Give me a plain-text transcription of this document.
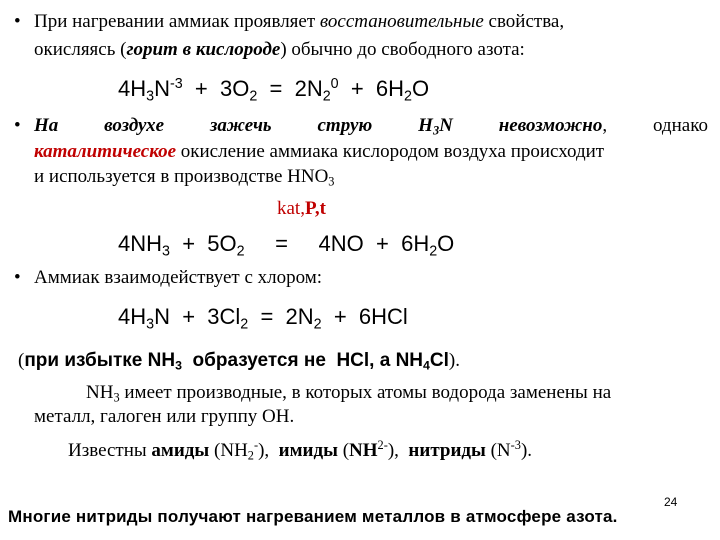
• При нагревании аммиак проявляет восстановительные свойства,
окисляясь (горит в кислороде) обычно до свободного азота:
$4H_3N^{-3} + 3O_2 = 2N_2^0 + 6H_2O$
• На воздухе зажечь струю $H_3N$ невозможно, однако
каталитическое окисление аммиака кислородом воздуха происходит
и используется в производстве $HNO_3$
kat,P,t
$4NH_3 + 5O_2$     =     $4NO + 6H_2O$
• Аммиак взаимодействует с хлором:
$4H_3N + 3Cl_2 = 2N_2 + 6HCl$
(при избытке $NH_3$  образуется не  HCl, а $NH_4Cl$).
$NH_3$ имеет производные, в которых атомы водорода заменены на
металл, галоген или группу OH.
Известны амиды $(NH_2^-)$,  имиды $(NH^{2-})$,  нитриды $(N^{-3})$.
24
Многие нитриды получают нагреванием металлов в атмосфере азота.
